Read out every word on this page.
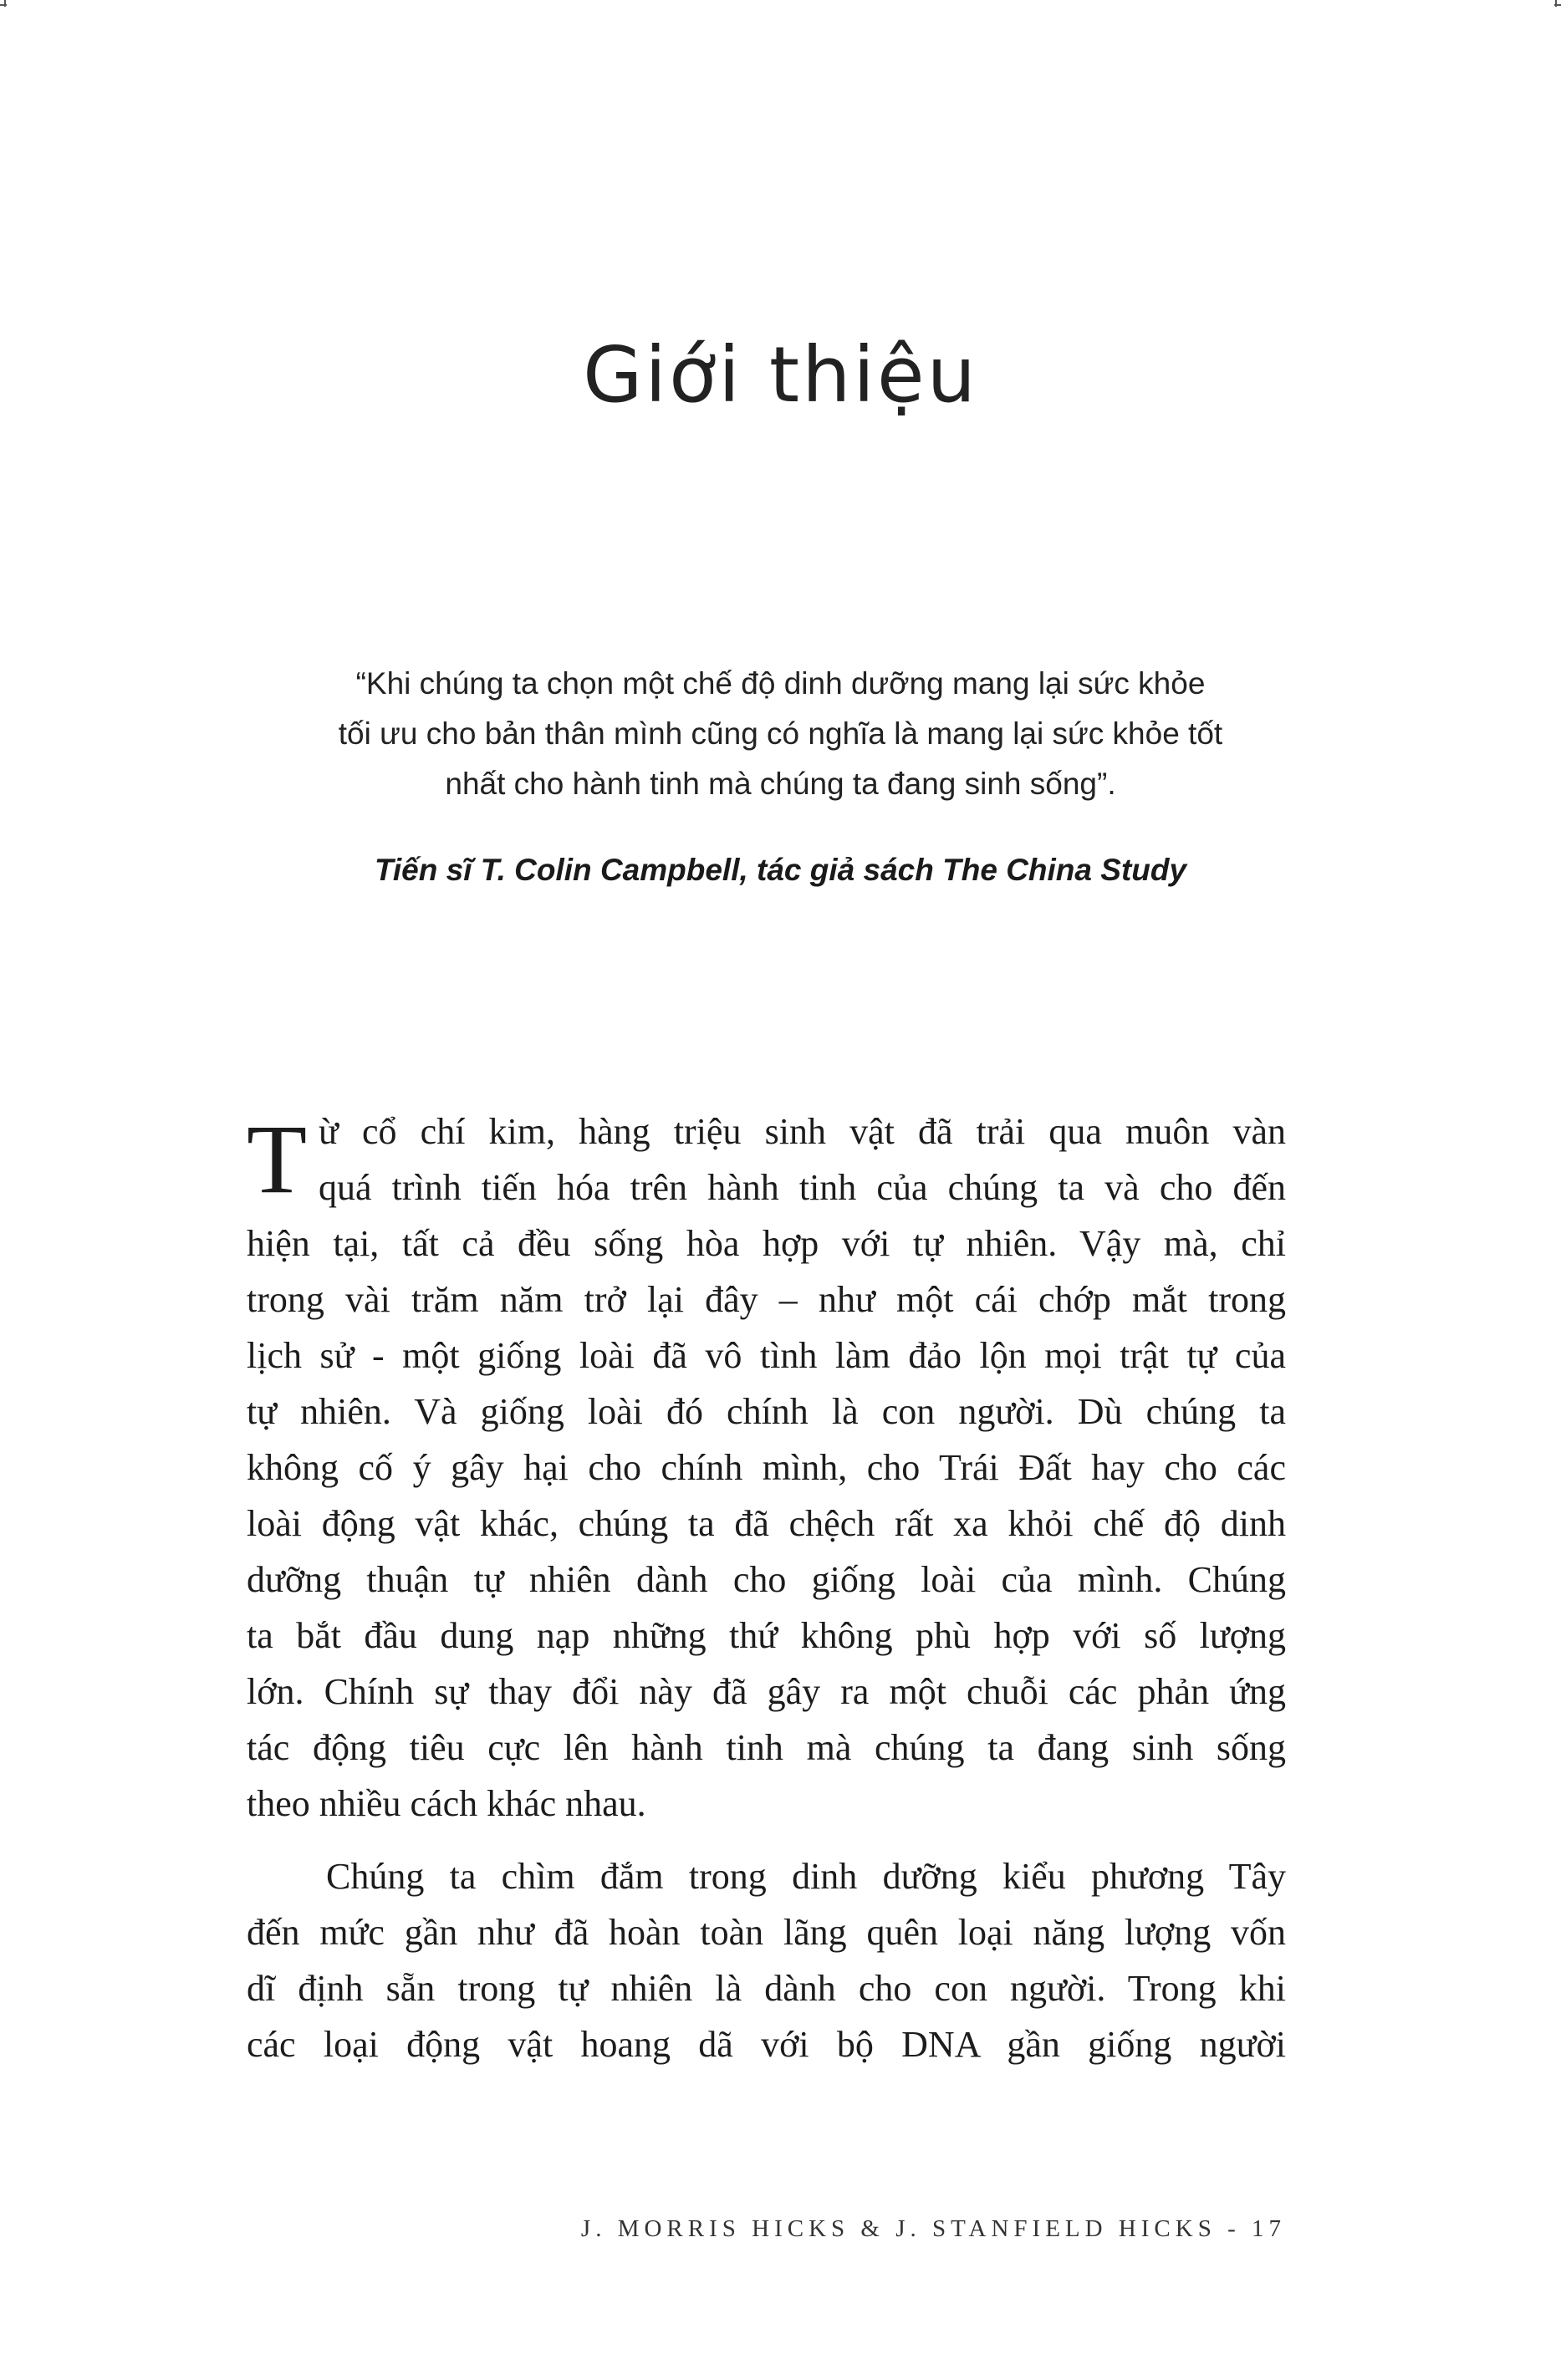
Giới thiệu
“Khi chúng ta chọn một chế độ dinh dưỡng mang lại sức khỏe
tối ưu cho bản thân mình cũng có nghĩa là mang lại sức khỏe tốt
nhất cho hành tinh mà chúng ta đang sinh sống”.
Tiến sĩ T. Colin Campbell, tác giả sách The China Study
T ừ cổ chí kim, hàng triệu sinh vật đã trải qua muôn vàn
quá trình tiến hóa trên hành tinh của chúng ta và cho đến
hiện tại, tất cả đều sống hòa hợp với tự nhiên. Vậy mà, chỉ
trong vài trăm năm trở lại đây – như một cái chớp mắt trong
lịch sử - một giống loài đã vô tình làm đảo lộn mọi trật tự của
tự nhiên. Và giống loài đó chính là con người. Dù chúng ta
không cố ý gây hại cho chính mình, cho Trái Đất hay cho các
loài động vật khác, chúng ta đã chệch rất xa khỏi chế độ dinh
dưỡng thuận tự nhiên dành cho giống loài của mình. Chúng
ta bắt đầu dung nạp những thứ không phù hợp với số lượng
lớn. Chính sự thay đổi này đã gây ra một chuỗi các phản ứng
tác động tiêu cực lên hành tinh mà chúng ta đang sinh sống
theo nhiều cách khác nhau.
Chúng ta chìm đắm trong dinh dưỡng kiểu phương Tây
đến mức gần như đã hoàn toàn lãng quên loại năng lượng vốn
dĩ định sẵn trong tự nhiên là dành cho con người. Trong khi
các loại động vật hoang dã với bộ DNA gần giống người
J. MORRIS HICKS & J. STANFIELD HICKS - 17
